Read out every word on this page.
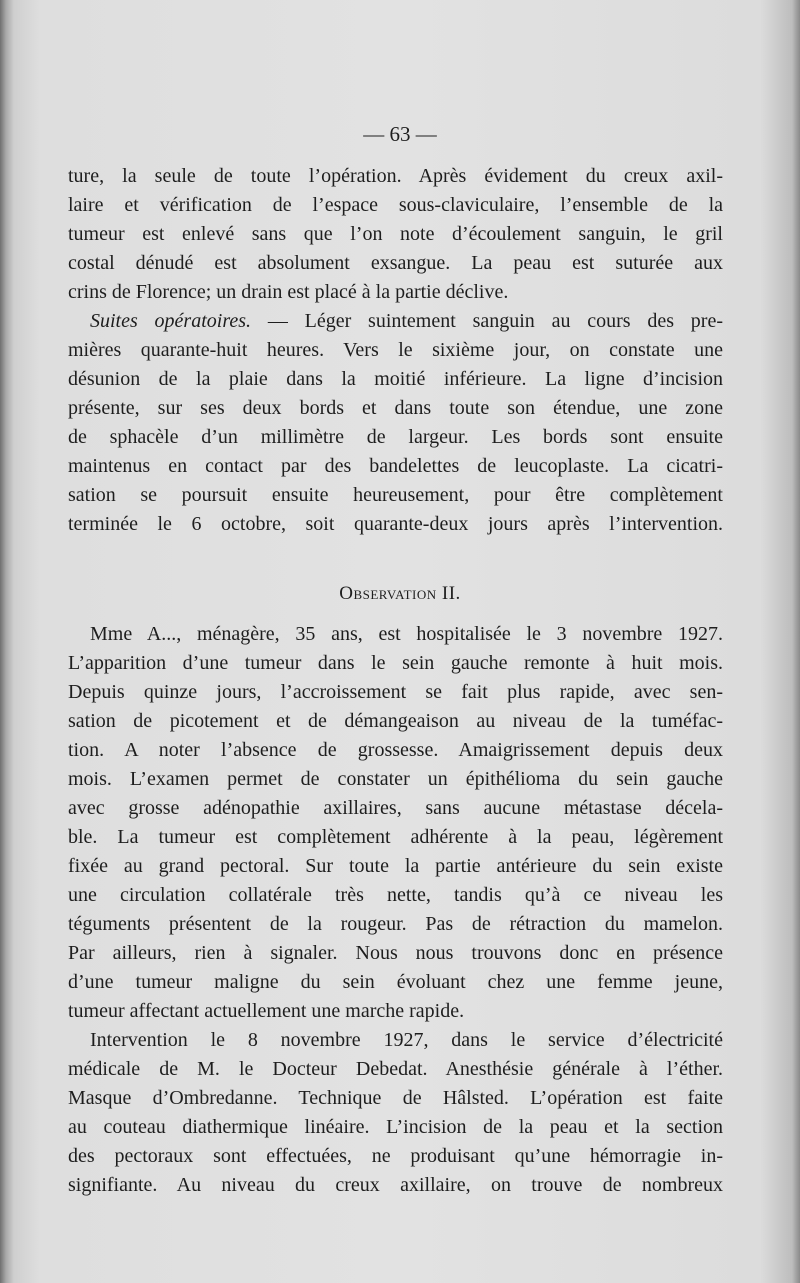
— 63 —
ture, la seule de toute l’opération. Après évidement du creux axil-
laire et vérification de l’espace sous-claviculaire, l’ensemble de la
tumeur est enlevé sans que l’on note d’écoulement sanguin, le gril
costal dénudé est absolument exsangue. La peau est suturée aux
crins de Florence; un drain est placé à la partie déclive.
Suites opératoires. — Léger suintement sanguin au cours des pre-
mières quarante-huit heures. Vers le sixième jour, on constate une
désunion de la plaie dans la moitié inférieure. La ligne d’incision
présente, sur ses deux bords et dans toute son étendue, une zone
de sphacèle d’un millimètre de largeur. Les bords sont ensuite
maintenus en contact par des bandelettes de leucoplaste. La cicatri-
sation se poursuit ensuite heureusement, pour être complètement
terminée le 6 octobre, soit quarante-deux jours après l’intervention.
Observation II.
Mme A..., ménagère, 35 ans, est hospitalisée le 3 novembre 1927.
L’apparition d’une tumeur dans le sein gauche remonte à huit mois.
Depuis quinze jours, l’accroissement se fait plus rapide, avec sen-
sation de picotement et de démangeaison au niveau de la tuméfac-
tion. A noter l’absence de grossesse. Amaigrissement depuis deux
mois. L’examen permet de constater un épithélioma du sein gauche
avec grosse adénopathie axillaires, sans aucune métastase décela-
ble. La tumeur est complètement adhérente à la peau, légèrement
fixée au grand pectoral. Sur toute la partie antérieure du sein existe
une circulation collatérale très nette, tandis qu’à ce niveau les
téguments présentent de la rougeur. Pas de rétraction du mamelon.
Par ailleurs, rien à signaler. Nous nous trouvons donc en présence
d’une tumeur maligne du sein évoluant chez une femme jeune,
tumeur affectant actuellement une marche rapide.
Intervention le 8 novembre 1927, dans le service d’électricité
médicale de M. le Docteur Debedat. Anesthésie générale à l’éther.
Masque d’Ombredanne. Technique de Hâlsted. L’opération est faite
au couteau diathermique linéaire. L’incision de la peau et la section
des pectoraux sont effectuées, ne produisant qu’une hémorragie in-
signifiante. Au niveau du creux axillaire, on trouve de nombreux
